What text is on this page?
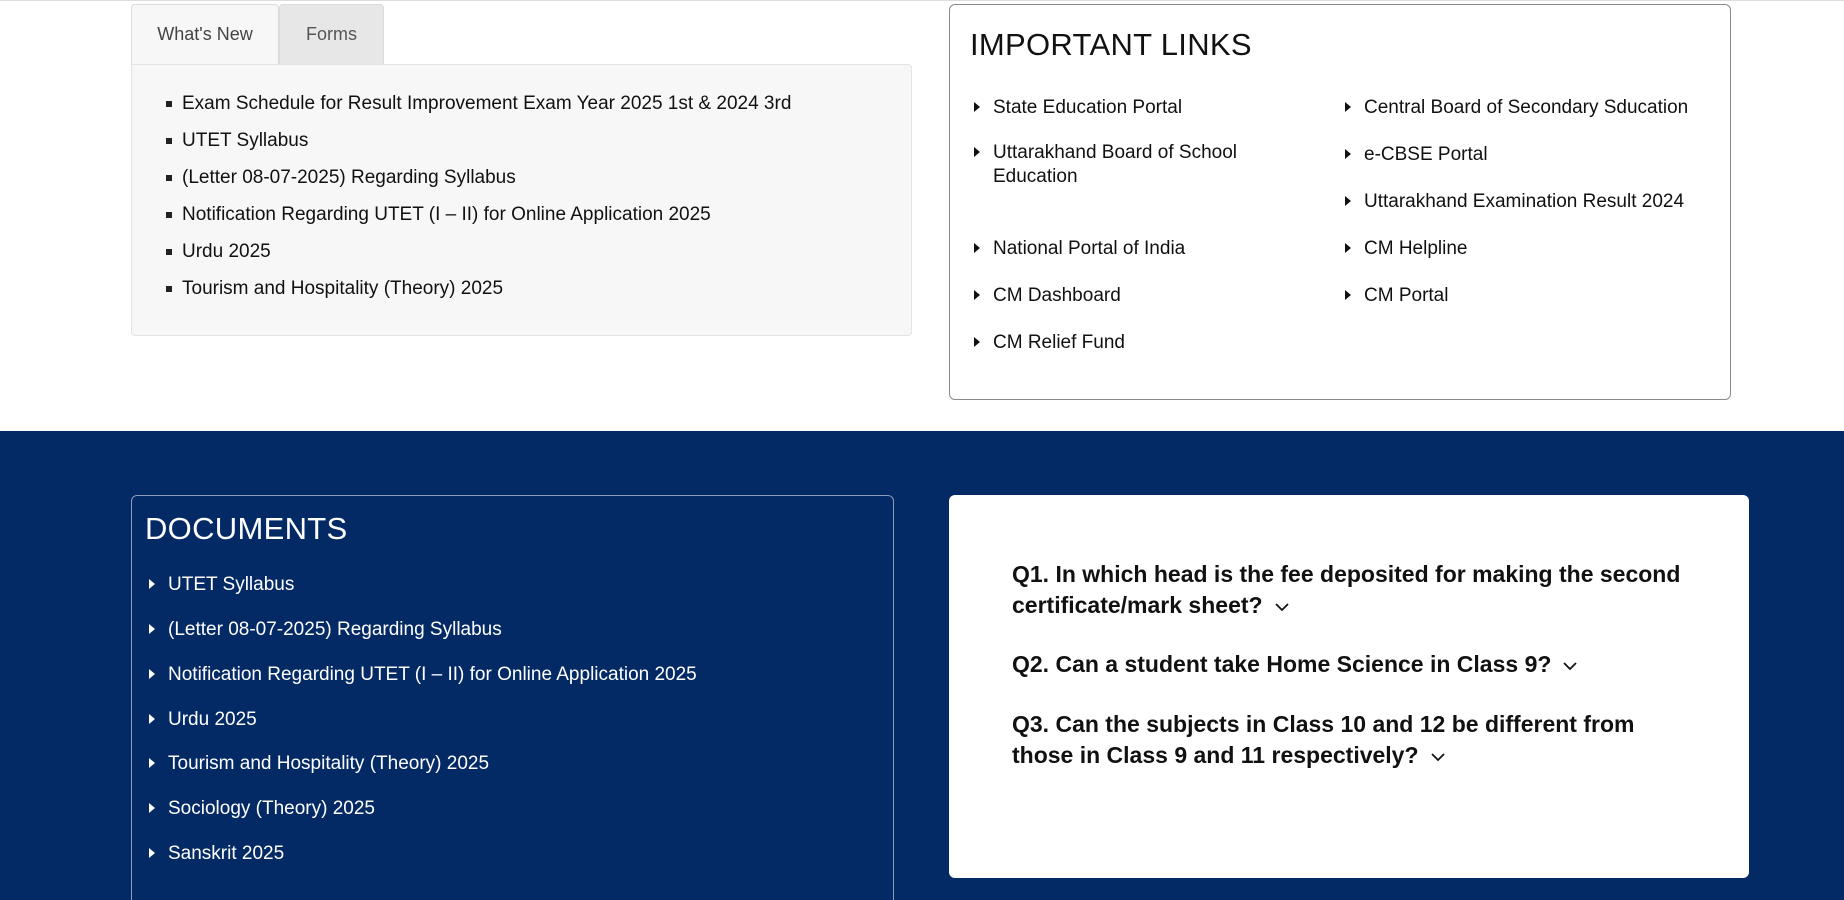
What's New	Forms
Exam Schedule for Result Improvement Exam Year 2025 1st & 2024 3rd
UTET Syllabus
(Letter 08-07-2025) Regarding Syllabus
Notification Regarding UTET (I – II) for Online Application 2025
Urdu 2025
Tourism and Hospitality (Theory) 2025
IMPORTANT LINKS
State Education Portal
Uttarakhand Board of School Education
National Portal of India
CM Dashboard
CM Relief Fund
Central Board of Secondary Sducation
e-CBSE Portal
Uttarakhand Examination Result 2024
CM Helpline
CM Portal
DOCUMENTS
UTET Syllabus
(Letter 08-07-2025) Regarding Syllabus
Notification Regarding UTET (I – II) for Online Application 2025
Urdu 2025
Tourism and Hospitality (Theory) 2025
Sociology (Theory) 2025
Sanskrit 2025
Q1. In which head is the fee deposited for making the second certificate/mark sheet?
Q2. Can a student take Home Science in Class 9?
Q3. Can the subjects in Class 10 and 12 be different from those in Class 9 and 11 respectively?
